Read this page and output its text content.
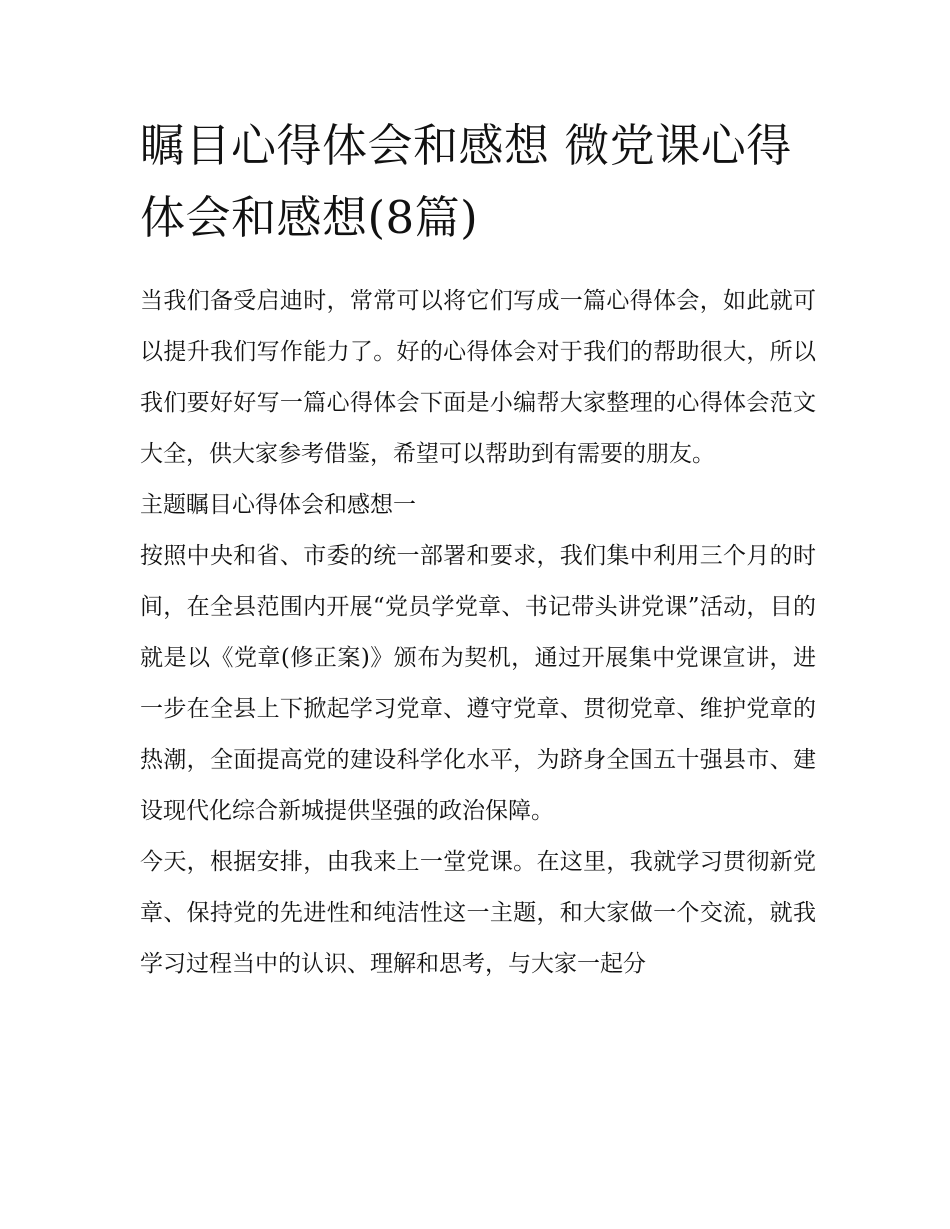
瞩目心得体会和感想 微党课心得体会和感想(8篇)

当我们备受启迪时，常常可以将它们写成一篇心得体会，如此就可以提升我们写作能力了。好的心得体会对于我们的帮助很大，所以我们要好好写一篇心得体会下面是小编帮大家整理的心得体会范文大全，供大家参考借鉴，希望可以帮助到有需要的朋友。

主题瞩目心得体会和感想一

按照中央和省、市委的统一部署和要求，我们集中利用三个月的时间，在全县范围内开展“党员学党章、书记带头讲党课”活动，目的就是以《党章(修正案)》颁布为契机，通过开展集中党课宣讲，进一步在全县上下掀起学习党章、遵守党章、贯彻党章、维护党章的热潮，全面提高党的建设科学化水平，为跻身全国五十强县市、建设现代化综合新城提供坚强的政治保障。

今天，根据安排，由我来上一堂党课。在这里，我就学习贯彻新党章、保持党的先进性和纯洁性这一主题，和大家做一个交流，就我学习过程当中的认识、理解和思考，与大家一起分
